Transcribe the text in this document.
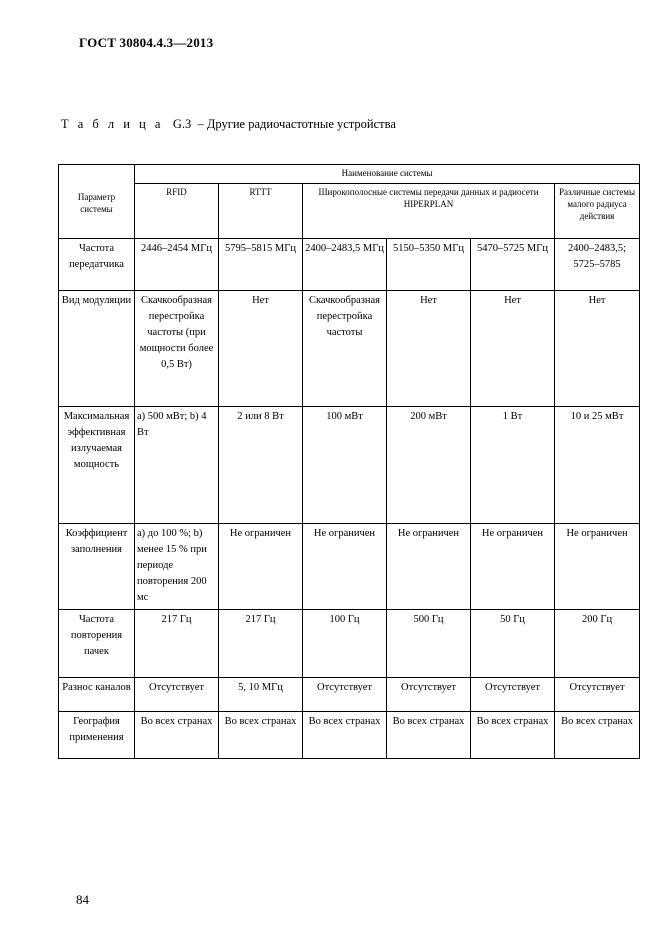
ГОСТ 30804.4.3—2013
Т а б л и ц а G.3 – Другие радиочастотные устройства
Параметр системы	Наименование системы					
	RFID	RTTT	Широкополосные системы передачи данных и радиосети HIPERPLAN			Различные системы малого радиуса действия
Частота передатчика	2446–2454 МГц	5795–5815 МГц	2400–2483,5 МГц	5150–5350 МГц	5470–5725 МГц	2400–2483,5; 5725–5785
Вид модуляции	Скачкообразная перестройка частоты (при мощности более 0,5 Вт)	Нет	Скачкообразная перестройка частоты	Нет	Нет	Нет
Максимальная эффективная излучаемая мощность	a) 500 мВт; b) 4 Вт	2 или 8 Вт	100 мВт	200 мВт	1 Вт	10 и 25 мВт
Коэффициент заполнения	a) до 100 %; b) менее 15 % при периоде повторения 200 мс	Не ограничен	Не ограничен	Не ограничен	Не ограничен	Не ограничен
Частота повторения пачек	217 Гц	217 Гц	100 Гц	500 Гц	50 Гц	200 Гц
Разнос каналов	Отсутствует	5, 10 МГц	Отсутствует	Отсутствует	Отсутствует	Отсутствует
География применения	Во всех странах	Во всех странах	Во всех странах	Во всех странах	Во всех странах	Во всех странах
84
